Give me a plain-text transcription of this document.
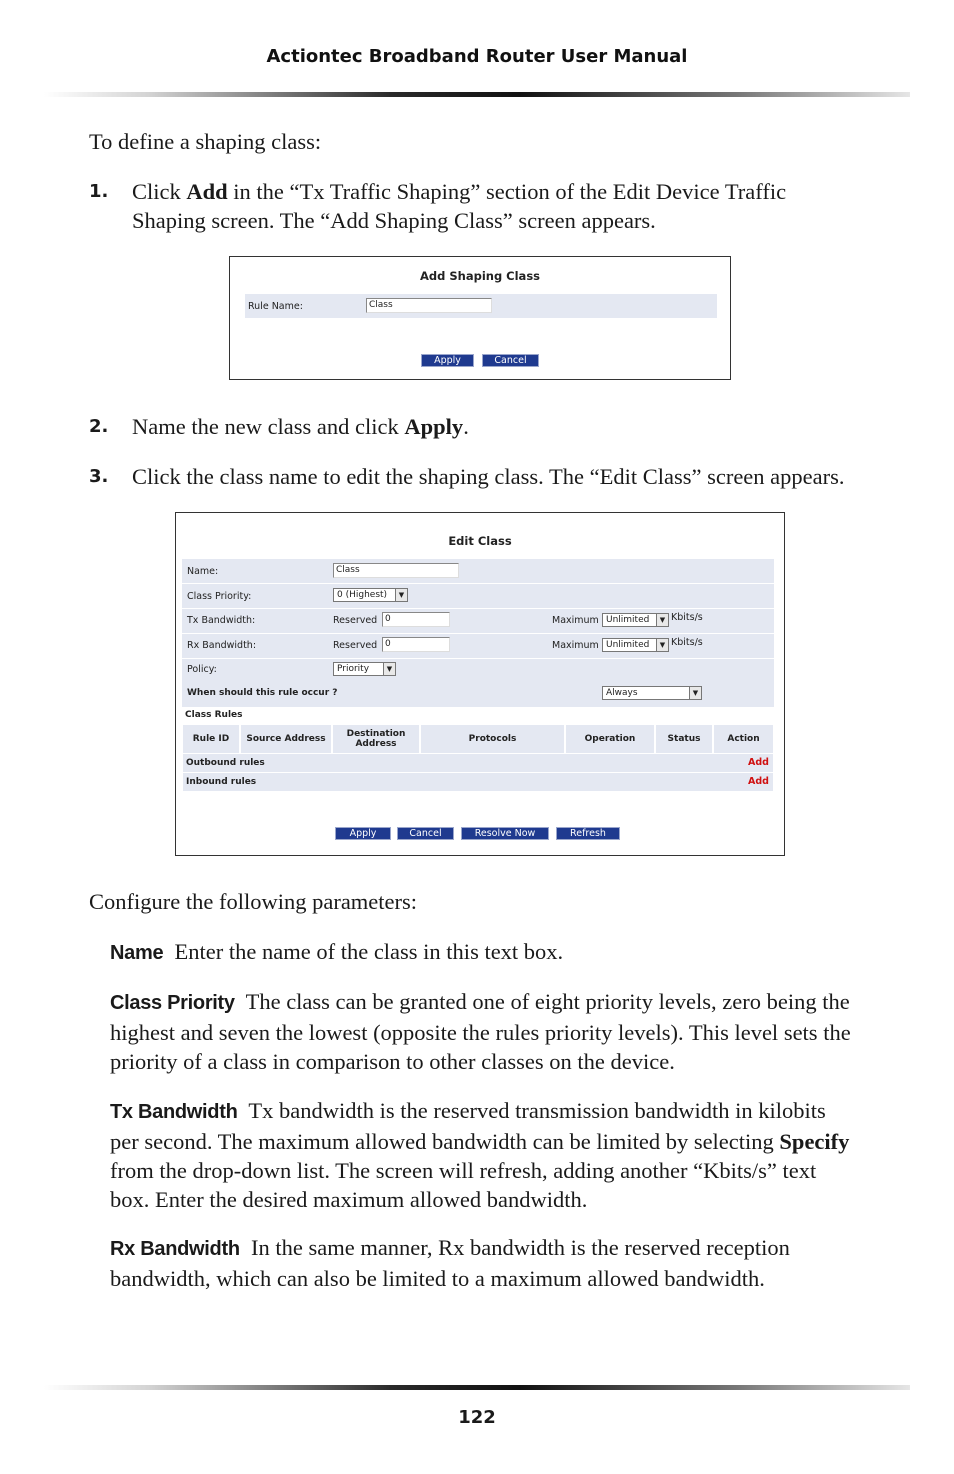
Actiontec Broadband Router User Manual
To define a shaping class:
1. Click Add in the “Tx Traffic Shaping” section of the Edit Device Traffic
Shaping screen. The “Add Shaping Class” screen appears.
Add Shaping Class
Rule Name:	Class
Apply	Cancel
2. Name the new class and click Apply.
3. Click the class name to edit the shaping class. The “Edit Class” screen appears.
Edit Class
Name:	Class
Class Priority:	0 (Highest)	▼
Tx Bandwidth:	Reserved 0	Maximum Unlimited	▼ Kbits/s
Rx Bandwidth:	Reserved 0	Maximum Unlimited	▼ Kbits/s
Policy:	Priority	▼
When should this rule occur ?	Always	▼
Class Rules
Rule ID	Source Address	Destination Address	Protocols	Operation	Status	Action
Outbound rules	Add
Inbound rules	Add
Apply	Cancel	Resolve Now	Refresh
Configure the following parameters:
Name Enter the name of the class in this text box.
Class Priority The class can be granted one of eight priority levels, zero being the
highest and seven the lowest (opposite the rules priority levels). This level sets the
priority of a class in comparison to other classes on the device.
Tx Bandwidth Tx bandwidth is the reserved transmission bandwidth in kilobits
per second. The maximum allowed bandwidth can be limited by selecting Specify
from the drop-down list. The screen will refresh, adding another “Kbits/s” text
box. Enter the desired maximum allowed bandwidth.
Rx Bandwidth In the same manner, Rx bandwidth is the reserved reception
bandwidth, which can also be limited to a maximum allowed bandwidth.
122
